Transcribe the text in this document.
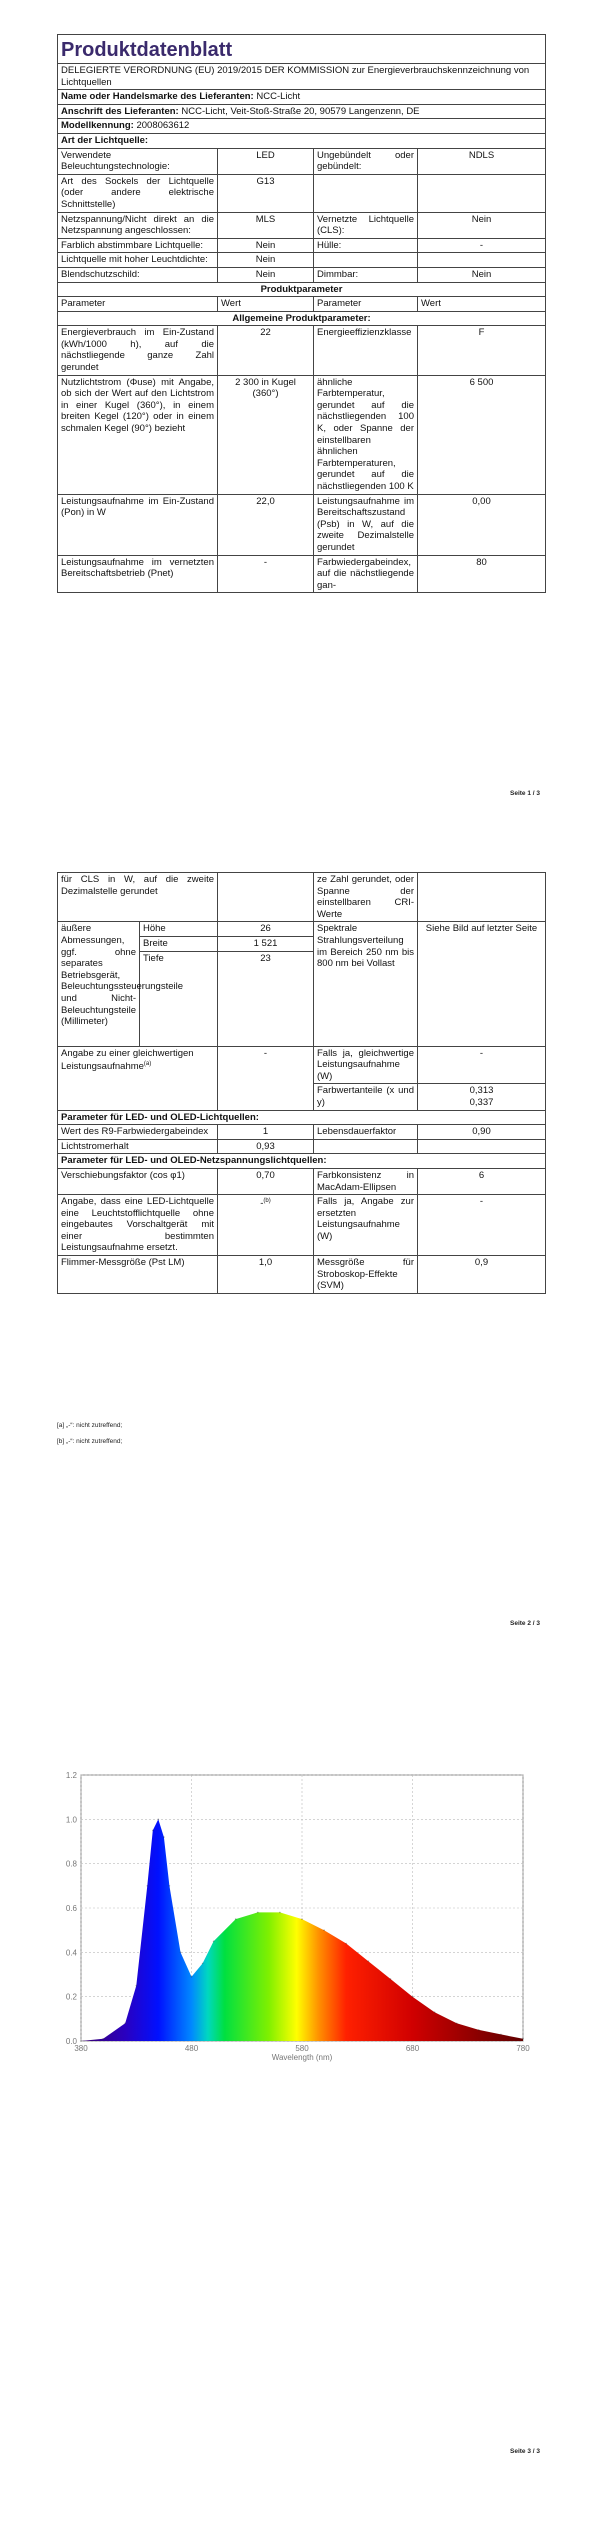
Produktdatenblatt			
DELEGIERTE VERORDNUNG (EU) 2019/2015 DER KOMMISSION zur Energieverbrauchskennzeichnung von Lichtquellen			
Name oder Handelsmarke des Lieferanten: NCC-Licht			
Anschrift des Lieferanten: NCC-Licht, Veit-Stoß-Straße 20, 90579 Langenzenn, DE			
Modellkennung: 2008063612			
Art der Lichtquelle:			
Verwendete Beleuchtungstechnologie:	LED	Ungebündelt oder gebündelt:	NDLS
Art des Sockels der Lichtquelle (oder andere elektrische Schnittstelle)	G13		
Netzspannung/Nicht direkt an die Netzspannung angeschlossen:	MLS	Vernetzte Lichtquelle (CLS):	Nein
Farblich abstimmbare Lichtquelle:	Nein	Hülle:	-
Lichtquelle mit hoher Leuchtdichte:	Nein		
Blendschutzschild:	Nein	Dimmbar:	Nein
Produktparameter			
Parameter	Wert	Parameter	Wert
Allgemeine Produktparameter:			
Energieverbrauch im Ein-Zustand (kWh/1000 h), auf die nächstliegende ganze Zahl gerundet	22	Energieeffizienzklasse	F
Nutzlichtstrom (Φuse) mit Angabe, ob sich der Wert auf den Lichtstrom in einer Kugel (360°), in einem breiten Kegel (120°) oder in einem schmalen Kegel (90°) bezieht	2 300 in Kugel (360°)	ähnliche Farbtemperatur, gerundet auf die nächstliegenden 100 K, oder Spanne der einstellbaren ähnlichen Farbtemperaturen, gerundet auf die nächstliegenden 100 K	6 500
Leistungsaufnahme im Ein-Zustand (Pon) in W	22,0	Leistungsaufnahme im Bereitschaftszustand (Psb) in W, auf die zweite Dezimalstelle gerundet	0,00
Leistungsaufnahme im vernetzten Bereitschaftsbetrieb (Pnet)	-	Farbwiedergabeindex, auf die nächstliegende gan-	80
Seite 1 / 3
für CLS in W, auf die zweite Dezimalstelle gerundet			ze Zahl gerundet, oder Spanne der einstellbaren CRI-Werte	
äußere Abmessungen, ggf. ohne separates Betriebsgerät, Beleuchtungssteuerungsteile und Nicht-Beleuchtungsteile (Millimeter)	Höhe	26	Spektrale Strahlungsverteilung im Bereich 250 nm bis 800 nm bei Vollast	Siehe Bild auf letzter Seite
	Breite	1 521		
	Tiefe	23		
Angabe zu einer gleichwertigen Leistungsaufnahme$^{(a)}$		-	Falls ja, gleichwertige Leistungsaufnahme (W)	-
			Farbwertanteile (x und y)	0,313
0,337

Parameter für LED- und OLED-Lichtquellen:				
Wert des R9-Farbwiedergabeindex		1	Lebensdauerfaktor	0,90
Lichtstromerhalt		0,93		
Parameter für LED- und OLED-Netzspannungslichtquellen:				
Verschiebungsfaktor (cos φ1)		0,70	Farbkonsistenz in MacAdam-Ellipsen	6
Angabe, dass eine LED-Lichtquelle eine Leuchtstofflichtquelle ohne eingebautes Vorschaltgerät mit einer bestimmten Leistungsaufnahme ersetzt.		-$^{(b)}$	Falls ja, Angabe zur ersetzten Leistungsaufnahme (W)	-
Flimmer-Messgröße (Pst LM)		1,0	Messgröße für Stroboskop-Effekte (SVM)	0,9
[a] „-“: nicht zutreffend;
[b] „-“: nicht zutreffend;
Seite 2 / 3
Seite 3 / 3
0.0
0.2
0.4
0.6
0.8
1.0
1.2
380	480	580	680	780
Wavelength (nm)
